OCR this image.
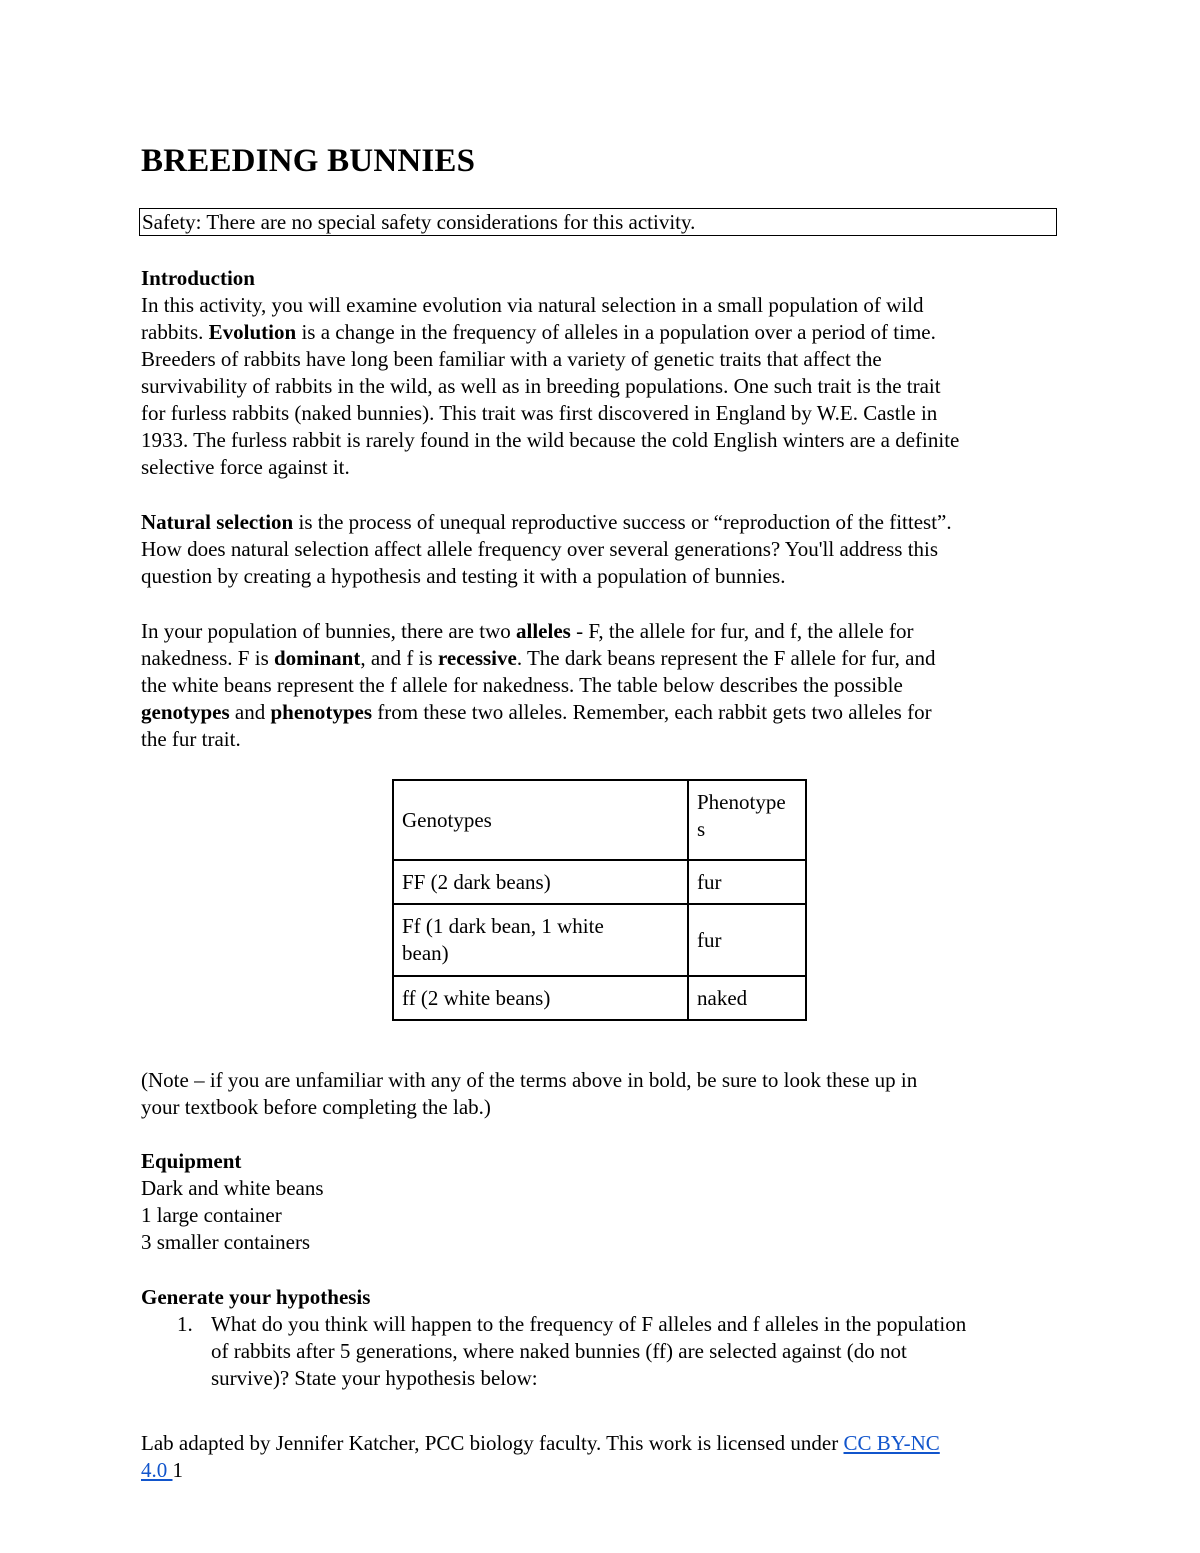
BREEDING BUNNIES
Safety: There are no special safety considerations for this activity.

Introduction

In this activity, you will examine evolution via natural selection in a small population of wild

rabbits. Evolution is a change in the frequency of alleles in a population over a period of time.

Breeders of rabbits have long been familiar with a variety of genetic traits that affect the

survivability of rabbits in the wild, as well as in breeding populations. One such trait is the trait

for furless rabbits (naked bunnies). This trait was first discovered in England by W.E. Castle in

1933. The furless rabbit is rarely found in the wild because the cold English winters are a definite

selective force against it.

Natural selection is the process of unequal reproductive success or “reproduction of the fittest”.

How does natural selection affect allele frequency over several generations? You'll address this

question by creating a hypothesis and testing it with a population of bunnies.

In your population of bunnies, there are two alleles - F, the allele for fur, and f, the allele for

nakedness. F is dominant, and f is recessive. The dark beans represent the F allele for fur, and

the white beans represent the f allele for nakedness. The table below describes the possible

genotypes and phenotypes from these two alleles. Remember, each rabbit gets two alleles for

the fur trait.

Genotypes	Phenotype
s
FF (2 dark beans)	fur
Ff (1 dark bean, 1 white
bean)	fur
ff (2 white beans)	naked

(Note – if you are unfamiliar with any of the terms above in bold, be sure to look these up in

your textbook before completing the lab.)

Equipment

Dark and white beans

1 large container

3 smaller containers

Generate your hypothesis

1. What do you think will happen to the frequency of F alleles and f alleles in the population
of rabbits after 5 generations, where naked bunnies (ff) are selected against (do not
survive)? State your hypothesis below:

Lab adapted by Jennifer Katcher, PCC biology faculty. This work is licensed under CC BY-NC

4.0 1
